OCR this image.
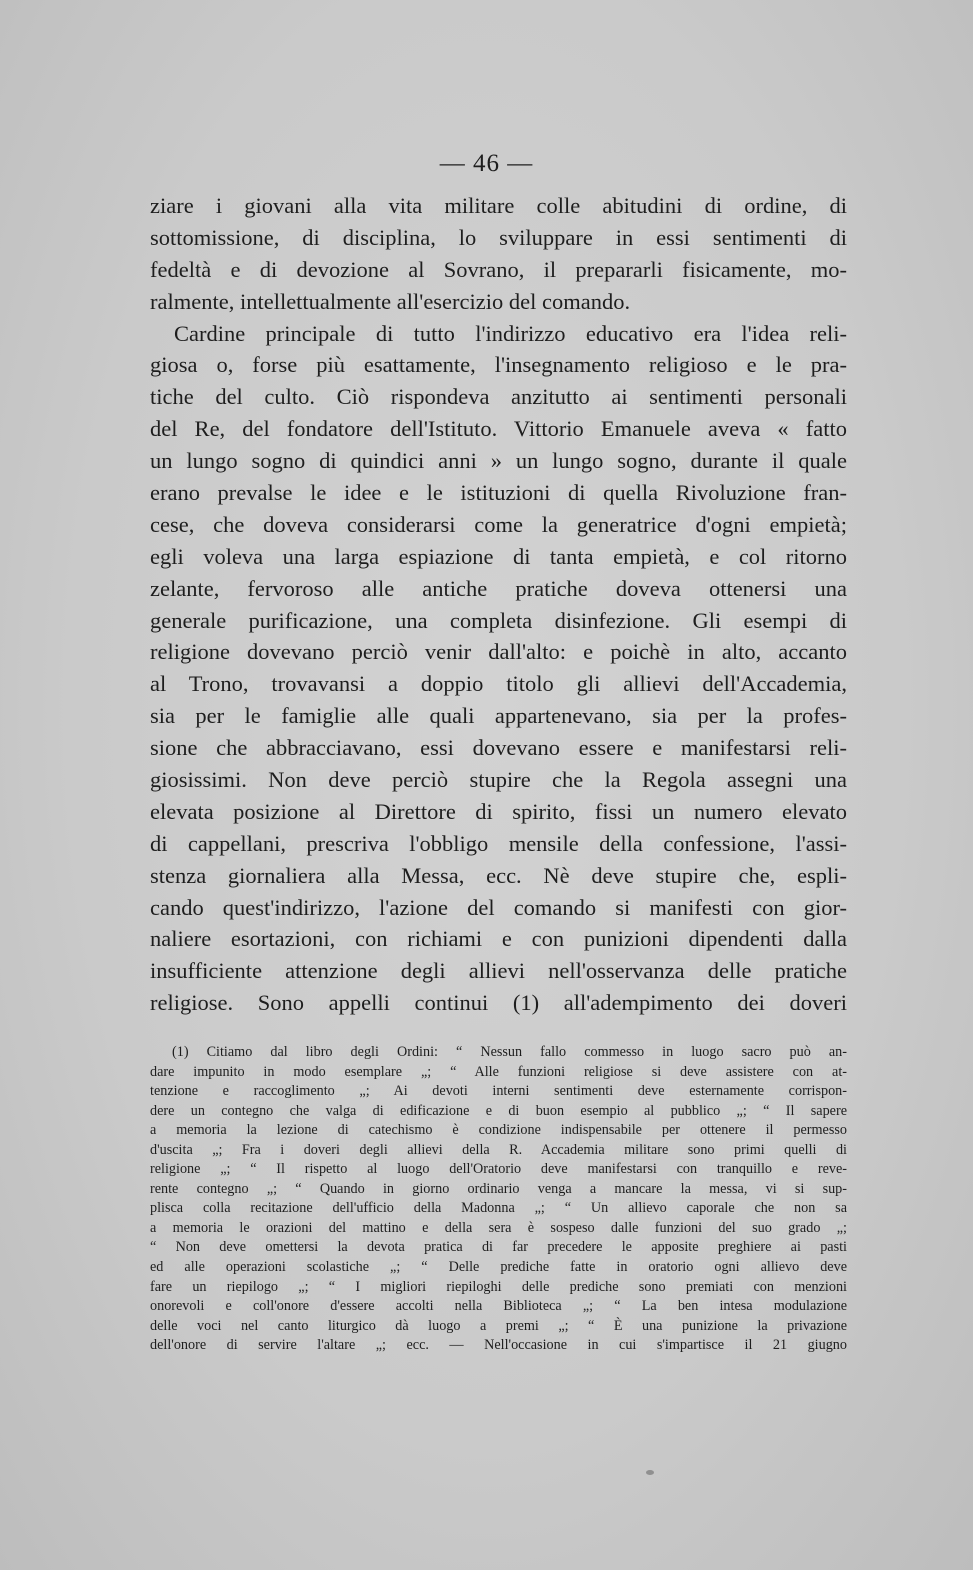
— 46 —
ziare i giovani alla vita militare colle abitudini di ordine, di
sottomissione, di disciplina, lo sviluppare in essi sentimenti di
fedeltà e di devozione al Sovrano, il prepararli fisicamente, mo-
ralmente, intellettualmente all'esercizio del comando.
Cardine principale di tutto l'indirizzo educativo era l'idea reli-
giosa o, forse più esattamente, l'insegnamento religioso e le pra-
tiche del culto. Ciò rispondeva anzitutto ai sentimenti personali
del Re, del fondatore dell'Istituto. Vittorio Emanuele aveva « fatto
un lungo sogno di quindici anni » un lungo sogno, durante il quale
erano prevalse le idee e le istituzioni di quella Rivoluzione fran-
cese, che doveva considerarsi come la generatrice d'ogni empietà;
egli voleva una larga espiazione di tanta empietà, e col ritorno
zelante, fervoroso alle antiche pratiche doveva ottenersi una
generale purificazione, una completa disinfezione. Gli esempi di
religione dovevano perciò venir dall'alto: e poichè in alto, accanto
al Trono, trovavansi a doppio titolo gli allievi dell'Accademia,
sia per le famiglie alle quali appartenevano, sia per la profes-
sione che abbracciavano, essi dovevano essere e manifestarsi reli-
giosissimi. Non deve perciò stupire che la Regola assegni una
elevata posizione al Direttore di spirito, fissi un numero elevato
di cappellani, prescriva l'obbligo mensile della confessione, l'assi-
stenza giornaliera alla Messa, ecc. Nè deve stupire che, espli-
cando quest'indirizzo, l'azione del comando si manifesti con gior-
naliere esortazioni, con richiami e con punizioni dipendenti dalla
insufficiente attenzione degli allievi nell'osservanza delle pratiche
religiose. Sono appelli continui (1) all'adempimento dei doveri
(1) Citiamo dal libro degli Ordini: “ Nessun fallo commesso in luogo sacro può an-
dare impunito in modo esemplare „; “ Alle funzioni religiose si deve assistere con at-
tenzione e raccoglimento „; Ai devoti interni sentimenti deve esternamente corrispon-
dere un contegno che valga di edificazione e di buon esempio al pubblico „; “ Il sapere
a memoria la lezione di catechismo è condizione indispensabile per ottenere il permesso
d'uscita „; Fra i doveri degli allievi della R. Accademia militare sono primi quelli di
religione „; “ Il rispetto al luogo dell'Oratorio deve manifestarsi con tranquillo e reve-
rente contegno „; “ Quando in giorno ordinario venga a mancare la messa, vi si sup-
plisca colla recitazione dell'ufficio della Madonna „; “ Un allievo caporale che non sa
a memoria le orazioni del mattino e della sera è sospeso dalle funzioni del suo grado „;
“ Non deve omettersi la devota pratica di far precedere le apposite preghiere ai pasti
ed alle operazioni scolastiche „; “ Delle prediche fatte in oratorio ogni allievo deve
fare un riepilogo „; “ I migliori riepiloghi delle prediche sono premiati con menzioni
onorevoli e coll'onore d'essere accolti nella Biblioteca „; “ La ben intesa modulazione
delle voci nel canto liturgico dà luogo a premi „; “ È una punizione la privazione
dell'onore di servire l'altare „; ecc. — Nell'occasione in cui s'impartisce il 21 giugno
